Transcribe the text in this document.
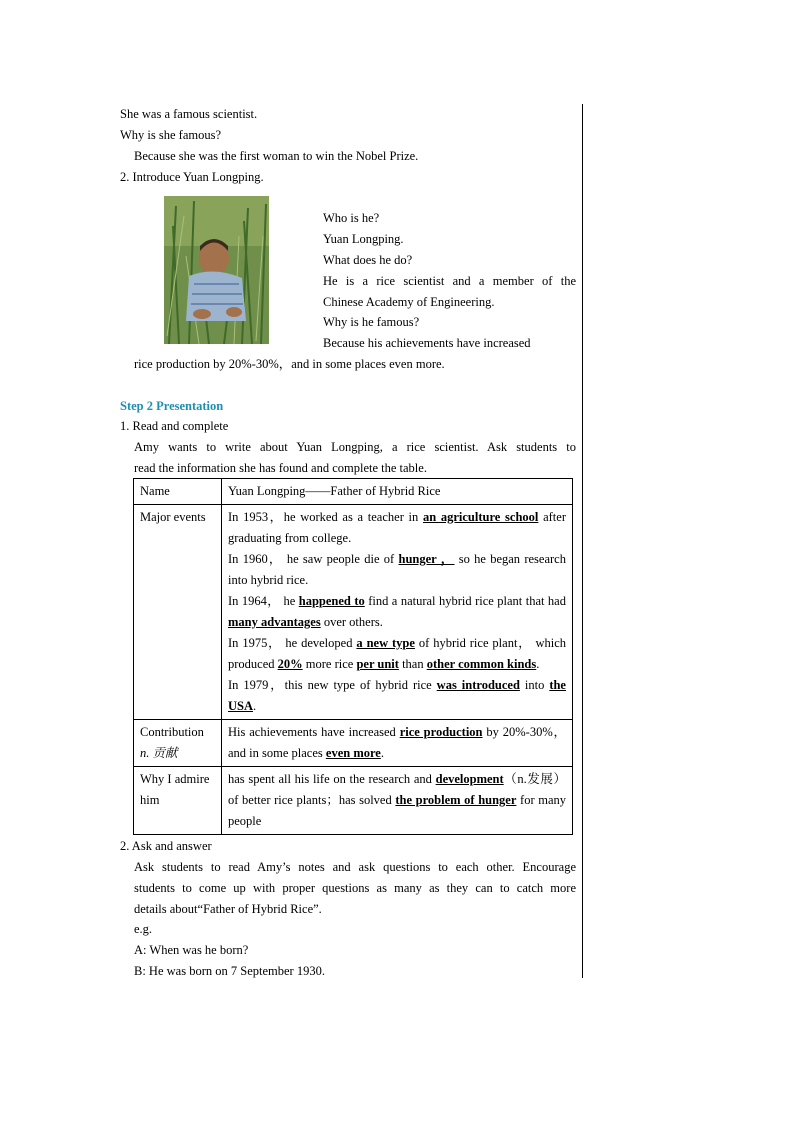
She was a famous scientist.
Why is she famous?
Because she was the first woman to win the Nobel Prize.
2. Introduce Yuan Longping.
Who is he?
Yuan Longping.
What does he do?
He is a rice scientist and a member of the
Chinese Academy of Engineering.
Why is he famous?
Because his achievements have increased
rice production by 20%-30%，and in some places even more.
Step 2 Presentation
1. Read and complete
Amy wants to write about Yuan Longping, a rice scientist. Ask students to
read the information she has found and complete the table.
Name	Yuan Longping——Father of Hybrid Rice
Major events	In 1953，he worked as a teacher in an agriculture school after graduating from college.
In 1960， he saw people die of hunger ， so he began research into hybrid rice.
In 1964， he happened to find a natural hybrid rice plant that had many advantages over others.
In 1975， he developed a new type of hybrid rice plant， which produced 20% more rice per unit than other common kinds.
In 1979，this new type of hybrid rice was introduced into the USA.

Contribution
n. 贡献	His achievements have increased rice production by 20%-30%，and in some places even more.
Why I admire him	has spent all his life on the research and development（n.发展）of better rice plants；has solved the problem of hunger for many people
2. Ask and answer
Ask students to read Amy’s notes and ask questions to each other. Encourage
students to come up with proper questions as many as they can to catch more
details about“Father of Hybrid Rice”.
e.g.
A: When was he born?
B: He was born on 7 September 1930.
